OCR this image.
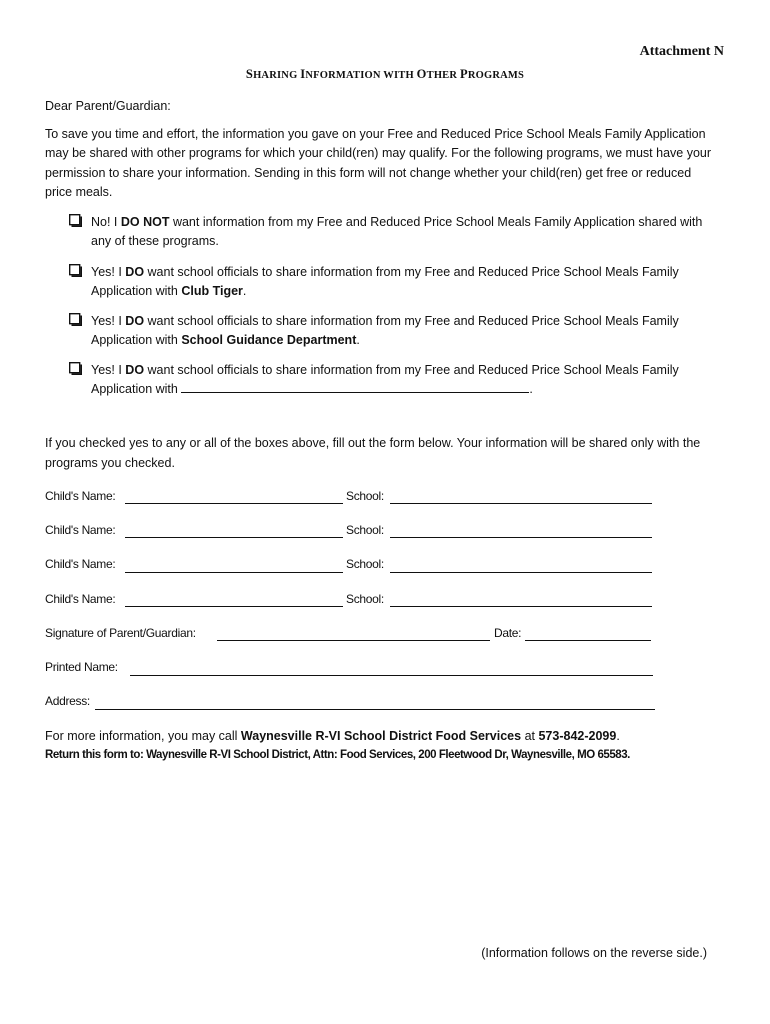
Attachment N
SHARING INFORMATION WITH OTHER PROGRAMS
Dear Parent/Guardian:
To save you time and effort, the information you gave on your Free and Reduced Price School Meals Family Application may be shared with other programs for which your child(ren) may qualify. For the following programs, we must have your permission to share your information. Sending in this form will not change whether your child(ren) get free or reduced price meals.
No! I DO NOT want information from my Free and Reduced Price School Meals Family Application shared with any of these programs.
Yes! I DO want school officials to share information from my Free and Reduced Price School Meals Family Application with Club Tiger.
Yes! I DO want school officials to share information from my Free and Reduced Price School Meals Family Application with School Guidance Department.
Yes! I DO want school officials to share information from my Free and Reduced Price School Meals Family Application with	.
If you checked yes to any or all of the boxes above, fill out the form below. Your information will be shared only with the programs you checked.
Child's Name:	School:
Child's Name:	School:
Child's Name:	School:
Child's Name:	School:
Signature of Parent/Guardian:	Date:
Printed Name:
Address:
For more information, you may call Waynesville R-VI School District Food Services at 573-842-2099.
Return this form to: Waynesville R-VI School District, Attn: Food Services, 200 Fleetwood Dr, Waynesville, MO 65583.
(Information follows on the reverse side.)
